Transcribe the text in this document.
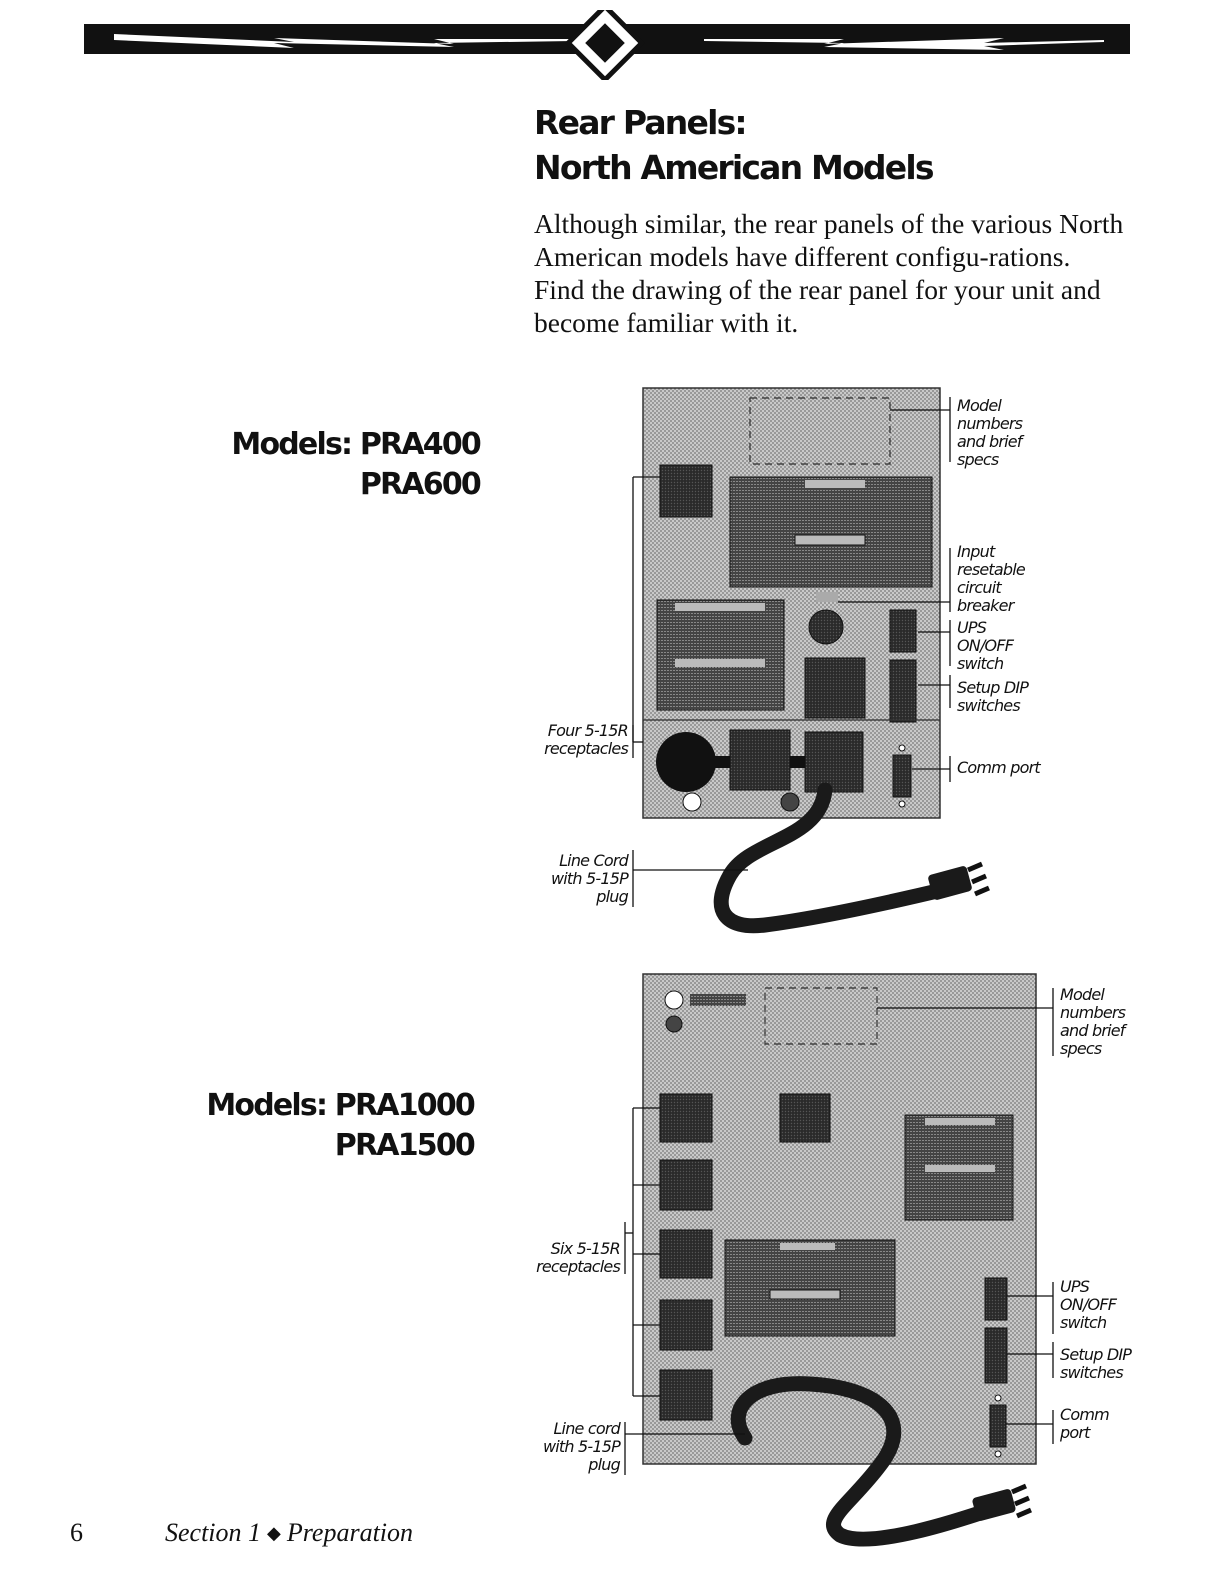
Rear Panels:
North American Models

Although similar, the rear panels of the various North American models have different configu-rations. Find the drawing of the rear panel for your unit and become familiar with it.

Models: PRA400
PRA600
Models: PRA1000
PRA1500
Model
numbers
and brief
specs
Input
resetable
circuit
breaker
UPS
ON/OFF
switch
Setup DIP
switches
Comm port
Four 5-15R
receptacles
Line Cord
with 5-15P
plug
Model
numbers
and brief
specs
Six 5-15R
receptacles
UPS
ON/OFF
switch
Setup DIP
switches
Comm
port
Line cord
with 5-15P
plug
6	Section 1 ◆ Preparation
